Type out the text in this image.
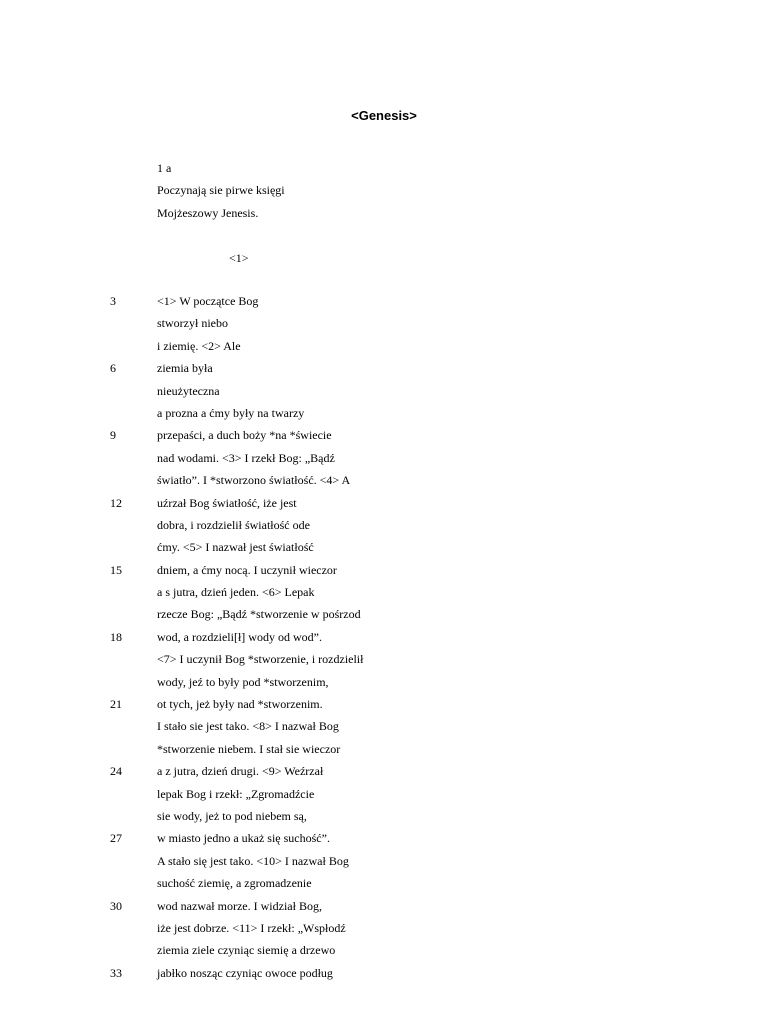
<Genesis>
1 a
Poczynają sie pirwe księgi
Mojżeszowy Jenesis.
<1>
3	<1> W początce Bog
stworzył niebo
i ziemię. <2> Ale
6	ziemia była
nieużyteczna
a prozna a ćmy były na twarzy
9	przepaści, a duch boży *na *świecie
nad wodami. <3> I rzekł Bog: „Bądź
światło”. I *stworzono światłość. <4> A
12	uźrzał Bog światłość, iże jest
dobra, i rozdzielił światłość ode
ćmy. <5> I nazwał jest światłość
15	dniem, a ćmy nocą. I uczynił wieczor
a s jutra, dzień jeden. <6> Lepak
rzecze Bog: „Bądź *stworzenie w pośrzod
18	wod, a rozdzieli[ł] wody od wod”.
<7> I uczynił Bog *stworzenie, i rozdzielił
wody, jeź to były pod *stworzenim,
21	ot tych, jeż były nad *stworzenim.
I stało sie jest tako. <8> I nazwał Bog
*stworzenie niebem. I stał sie wieczor
24	a z jutra, dzień drugi. <9> Weźrzał
lepak Bog i rzekł: „Zgromadźcie
sie wody, jeż to pod niebem są,
27	w miasto jedno a ukaż się suchość”.
A stało się jest tako. <10> I nazwał Bog
suchość ziemię, a zgromadzenie
30	wod nazwał morze. I widział Bog,
iże jest dobrze. <11> I rzekł: „Wspłodź
ziemia ziele czyniąc siemię a drzewo
33	jabłko nosząc czyniąc owoce podług
